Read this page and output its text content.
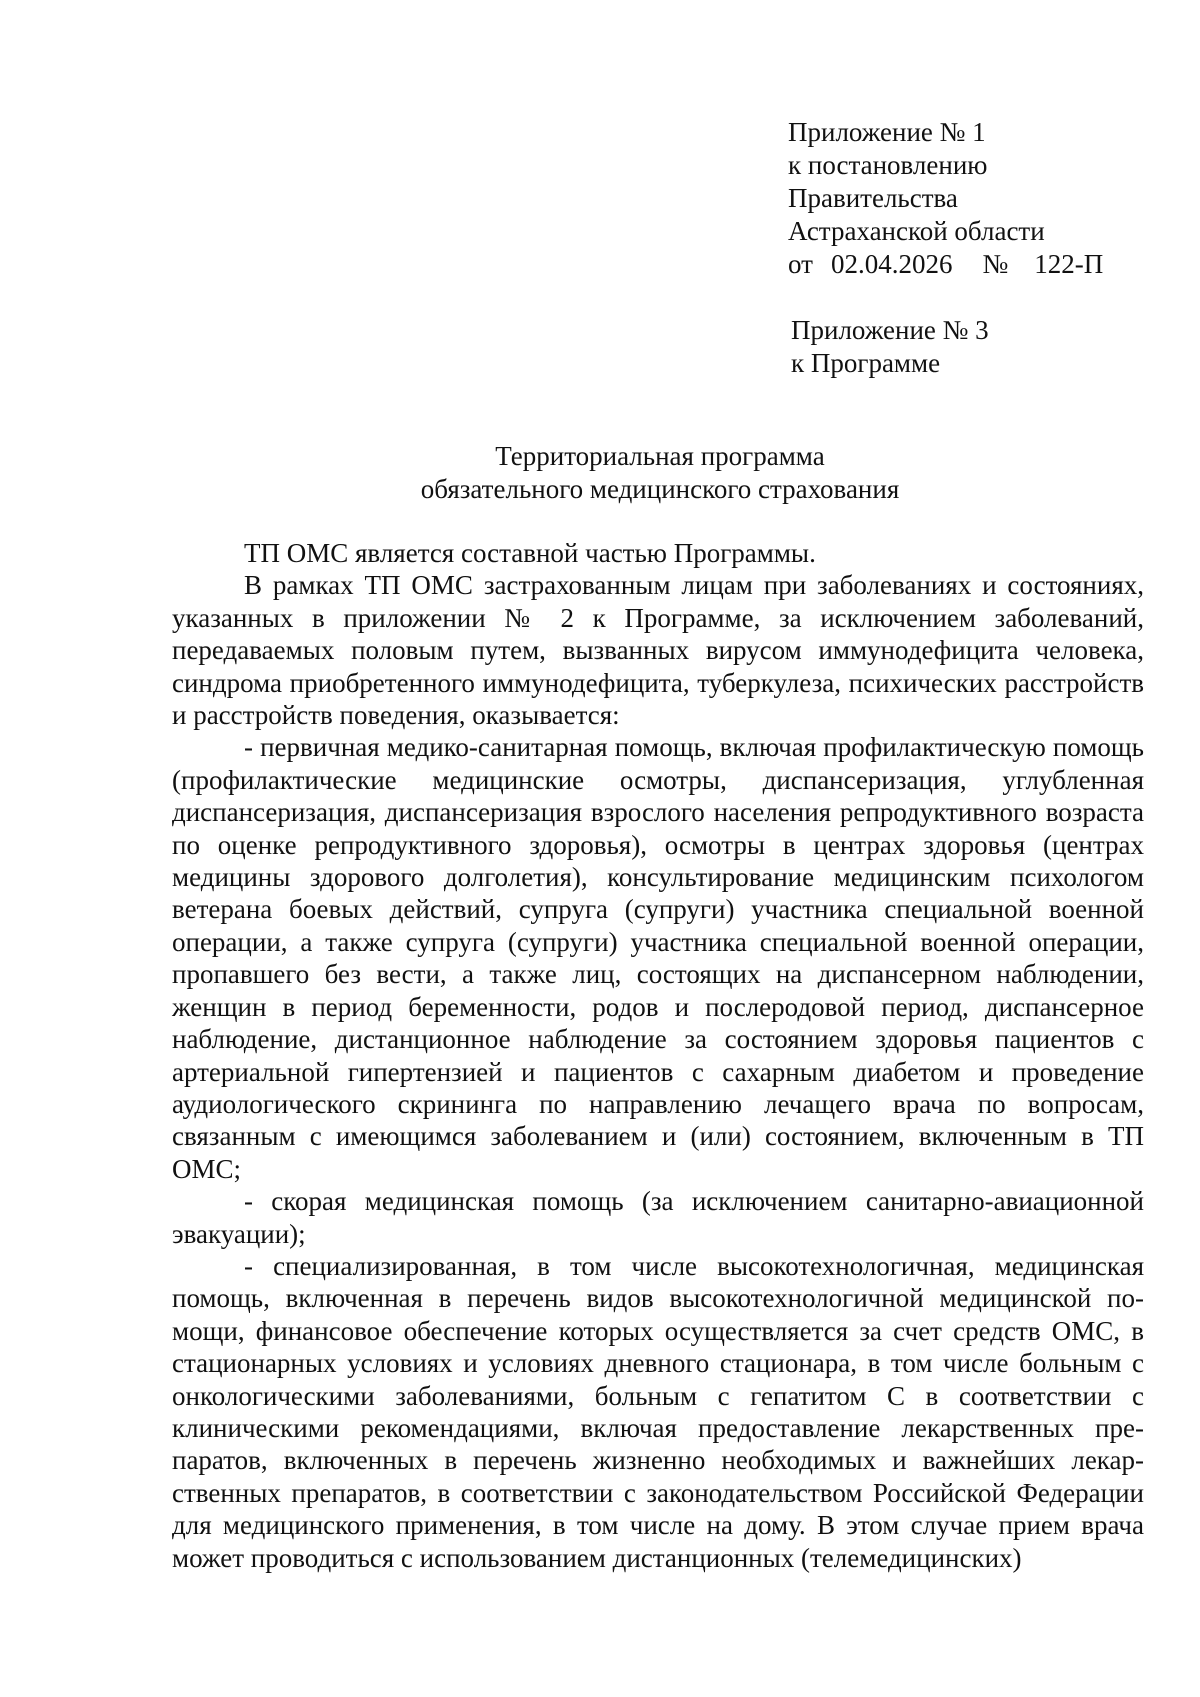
Приложение № 1
к постановлению
Правительства
Астраханской области
от 02.04.2026 № 122-П
Приложение № 3
к Программе
Территориальная программа
обязательного медицинского страхования

ТП ОМС является составной частью Программы.

В рамках ТП ОМС застрахованным лицам при заболеваниях и состояниях, указанных в приложении № 2 к Программе, за исключением заболеваний, передаваемых половым путем, вызванных вирусом иммунодефицита человека, синдрома приобретенного иммунодефицита, туберкулеза, психических расстройств и расстройств поведения, оказывается:

- первичная медико-санитарная помощь, включая профилактическую помощь (профилактические медицинские осмотры, диспансеризация, углубленная диспансеризация, диспансеризация взрослого населения репродуктивного возраста по оценке репродуктивного здоровья), осмотры в центрах здоровья (центрах медицины здорового долголетия), консультирование медицинским психологом ветерана боевых действий, супруга (супруги) участника специальной военной операции, а также супруга (супруги) участника специальной военной операции, пропавшего без вести, а также лиц, состоящих на диспансерном наблюдении, женщин в период беременности, родов и послеродовой период, диспансерное наблюдение, дистанционное наблюдение за состоянием здоровья пациентов с артериальной гипертензией и пациентов с сахарным диабетом и проведение аудиологического скрининга по направлению лечащего врача по вопросам, связанным с имеющимся заболеванием и (или) состоянием, включенным в ТП ОМС;

- скорая медицинская помощь (за исключением санитарно-авиационной эвакуации);

- специализированная, в том числе высокотехнологичная, медицинская помощь, включенная в перечень видов высокотехнологичной медицинской помощи, финансовое обеспечение которых осуществляется за счет средств ОМС, в стационарных условиях и условиях дневного стационара, в том числе больным с онкологическими заболеваниями, больным с гепатитом С в соответствии с клиническими рекомендациями, включая предоставление лекарственных препаратов, включенных в перечень жизненно необходимых и важнейших лекарственных препаратов, в соответствии с законодательством Российской Федерации для медицинского применения, в том числе на дому. В этом случае прием врача может проводиться с использованием дистанционных (телемедицинских)
